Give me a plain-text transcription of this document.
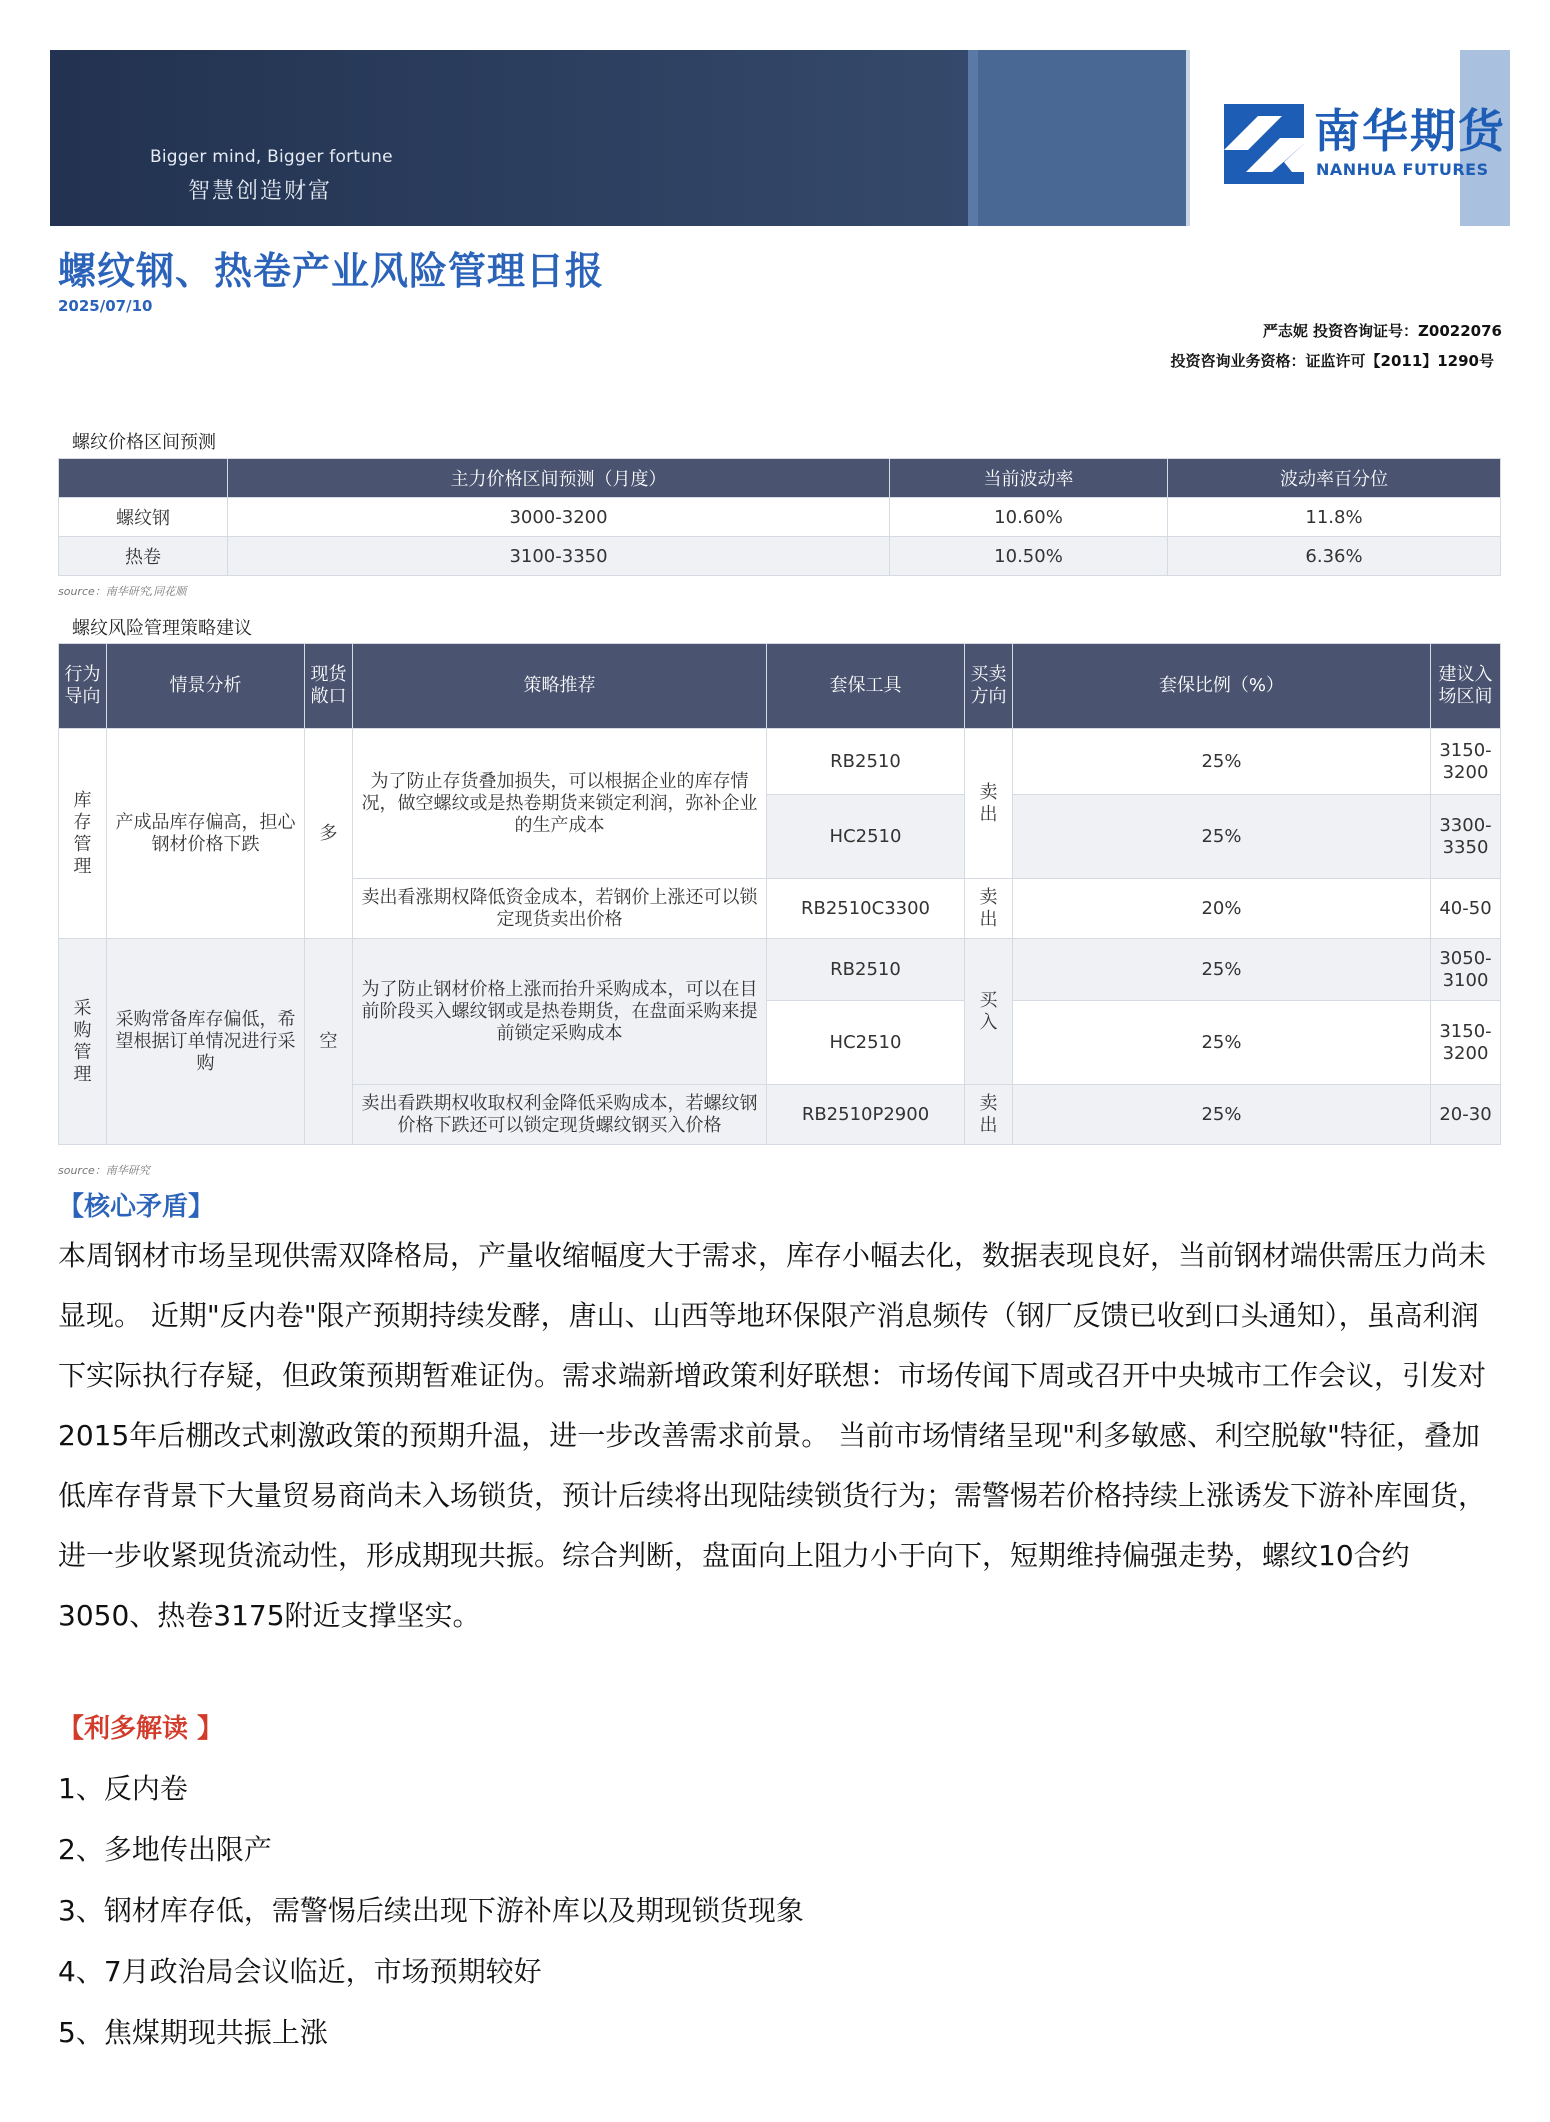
Bigger mind, Bigger fortune
智慧创造财富
南华期货
NANHUA FUTURES
螺纹钢、热卷产业风险管理日报
2025/07/10
严志妮 投资咨询证号：Z0022076
投资咨询业务资格：证监许可【2011】1290号
螺纹价格区间预测
	主力价格区间预测（月度）	当前波动率	波动率百分位
螺纹钢	3000-3200	10.60%	11.8%
热卷	3100-3350	10.50%	6.36%
source：南华研究,同花顺
螺纹风险管理策略建议
行为导向	情景分析	现货敞口	策略推荐	套保工具	买卖方向	套保比例（%）	建议入场区间
库存管理	产成品库存偏高，担心钢材价格下跌	多	为了防止存货叠加损失，可以根据企业的库存情况，做空螺纹或是热卷期货来锁定利润，弥补企业的生产成本	RB2510	卖出	25%	3150-3200
				HC2510		25%	3300-3350
			卖出看涨期权降低资金成本，若钢价上涨还可以锁定现货卖出价格	RB2510C3300	卖出	20%	40-50
采购管理	采购常备库存偏低，希望根据订单情况进行采购	空	为了防止钢材价格上涨而抬升采购成本，可以在目前阶段买入螺纹钢或是热卷期货，在盘面采购来提前锁定采购成本	RB2510	买入	25%	3050-3100
				HC2510		25%	3150-3200
			卖出看跌期权收取权利金降低采购成本，若螺纹钢价格下跌还可以锁定现货螺纹钢买入价格	RB2510P2900	卖出	25%	20-30
source：南华研究
【核心矛盾】
本周钢材市场呈现供需双降格局，产量收缩幅度大于需求，库存小幅去化，数据表现良好，当前钢材端供需压力尚未显现。 近期"反内卷"限产预期持续发酵，唐山、山西等地环保限产消息频传（钢厂反馈已收到口头通知），虽高利润下实际执行存疑，但政策预期暂难证伪。需求端新增政策利好联想：市场传闻下周或召开中央城市工作会议，引发对2015年后棚改式刺激政策的预期升温，进一步改善需求前景。 当前市场情绪呈现"利多敏感、利空脱敏"特征，叠加低库存背景下大量贸易商尚未入场锁货，预计后续将出现陆续锁货行为；需警惕若价格持续上涨诱发下游补库囤货，进一步收紧现货流动性，形成期现共振。综合判断，盘面向上阻力小于向下，短期维持偏强走势，螺纹10合约3050、热卷3175附近支撑坚实。
【利多解读 】
1、反内卷
2、多地传出限产
3、钢材库存低，需警惕后续出现下游补库以及期现锁货现象
4、7月政治局会议临近，市场预期较好
5、焦煤期现共振上涨
